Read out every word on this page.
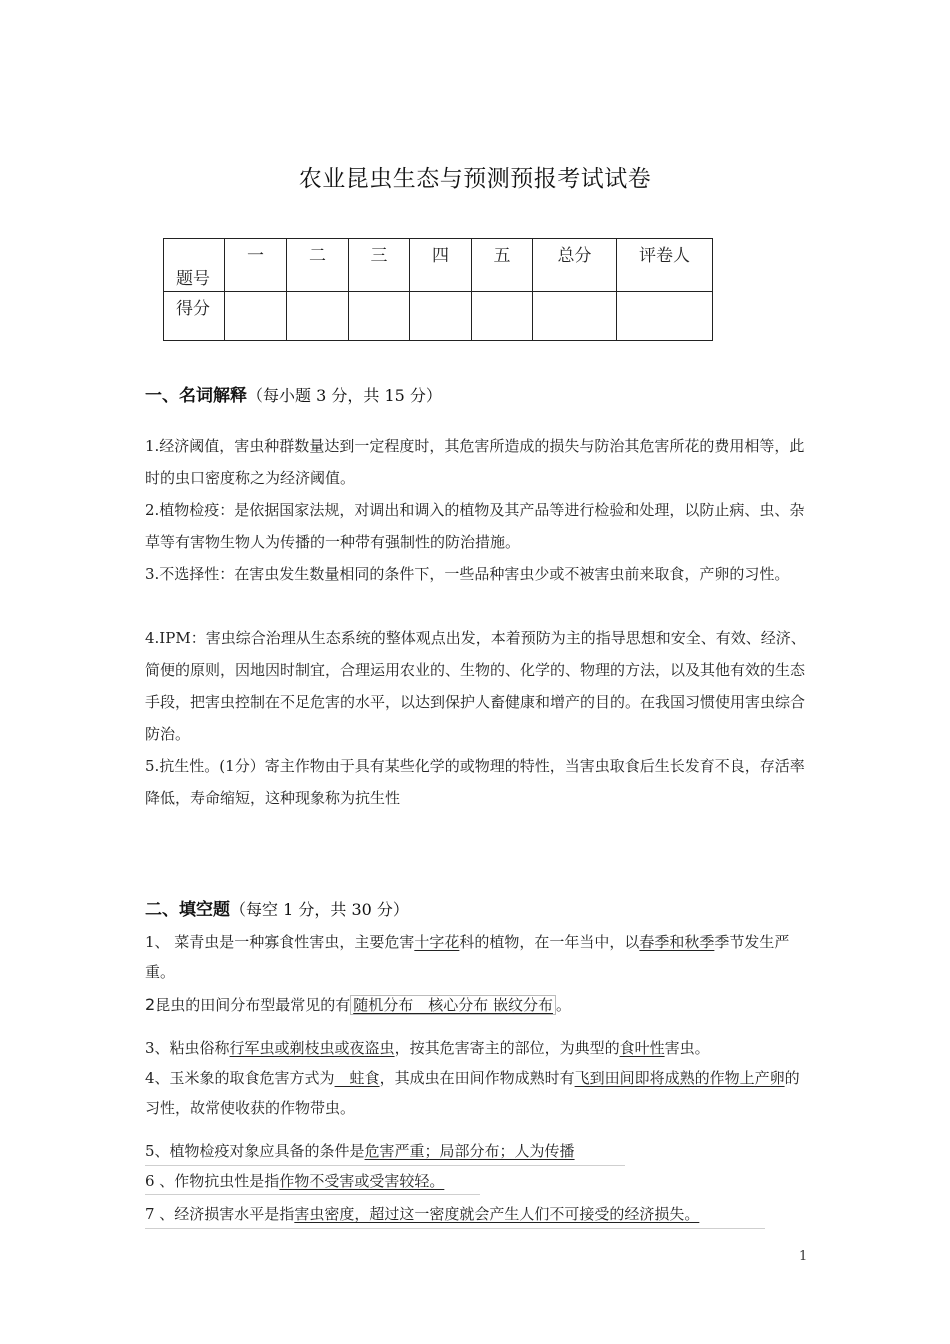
农业昆虫生态与预测预报考试试卷
题号	一	二	三	四	五	总分	评卷人
得分							
一、名词解释（每小题 3 分，共 15 分）
1.经济阈值，害虫种群数量达到一定程度时，其危害所造成的损失与防治其危害所花的费用相等，此时的虫口密度称之为经济阈值。
2.植物检疫：是依据国家法规，对调出和调入的植物及其产品等进行检验和处理，以防止病、虫、杂草等有害物生物人为传播的一种带有强制性的防治措施。
3.不选择性：在害虫发生数量相同的条件下，一些品种害虫少或不被害虫前来取食，产卵的习性。
4.IPM：害虫综合治理从生态系统的整体观点出发，本着预防为主的指导思想和安全、有效、经济、简便的原则，因地因时制宜，合理运用农业的、生物的、化学的、物理的方法，以及其他有效的生态手段，把害虫控制在不足危害的水平，以达到保护人畜健康和增产的目的。在我国习惯使用害虫综合防治。
5.抗生性。(1分）寄主作物由于具有某些化学的或物理的特性，当害虫取食后生长发育不良，存活率降低，寿命缩短，这种现象称为抗生性
二、填空题（每空 1 分，共 30 分）
1、 菜青虫是一种寡食性害虫，主要危害十字花科的植物，在一年当中，以春季和秋季季节发生严重。
2昆虫的田间分布型最常见的有 随机分布　核心分布 嵌纹分布 。
3、粘虫俗称行军虫或剃枝虫或夜盗虫，按其危害寄主的部位，为典型的食叶性害虫。
4、玉米象的取食危害方式为　蛀食，其成虫在田间作物成熟时有飞到田间即将成熟的作物上产卵的习性，故常使收获的作物带虫。
5、植物检疫对象应具备的条件是危害严重；局部分布；人为传播
6 、作物抗虫性是指作物不受害或受害较轻。
7 、经济损害水平是指害虫密度，超过这一密度就会产生人们不可接受的经济损失。
1
